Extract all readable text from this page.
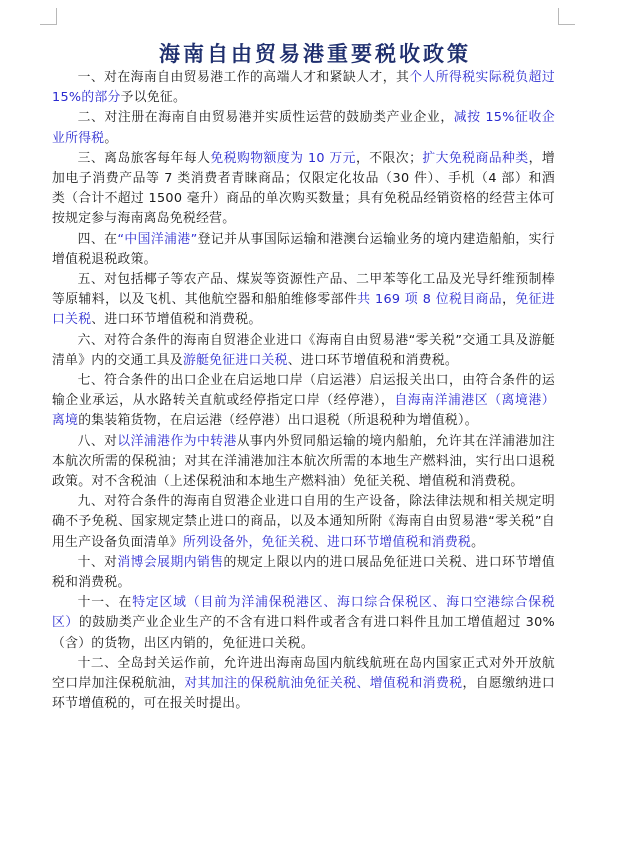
海南自由贸易港重要税收政策

一、对在海南自由贸易港工作的高端人才和紧缺人才，其个人所得税实际税负超过 15%的部分予以免征。

二、对注册在海南自由贸易港并实质性运营的鼓励类产业企业，减按 15%征收企业所得税。

三、离岛旅客每年每人免税购物额度为 10 万元，不限次；扩大免税商品种类，增加电子消费产品等 7 类消费者青睐商品；仅限定化妆品（30 件）、手机（4 部）和酒类（合计不超过 1500 毫升）商品的单次购买数量；具有免税品经销资格的经营主体可按规定参与海南离岛免税经营。

四、在“中国洋浦港”登记并从事国际运输和港澳台运输业务的境内建造船舶，实行增值税退税政策。

五、对包括椰子等农产品、煤炭等资源性产品、二甲苯等化工品及光导纤维预制棒等原辅料，以及飞机、其他航空器和船舶维修零部件共 169 项 8 位税目商品，免征进口关税、进口环节增值税和消费税。

六、对符合条件的海南自贸港企业进口《海南自由贸易港“零关税”交通工具及游艇清单》内的交通工具及游艇免征进口关税、进口环节增值税和消费税。

七、符合条件的出口企业在启运地口岸（启运港）启运报关出口，由符合条件的运输企业承运，从水路转关直航或经停指定口岸（经停港），自海南洋浦港区（离境港）离境的集装箱货物，在启运港（经停港）出口退税（所退税种为增值税）。

八、对以洋浦港作为中转港从事内外贸同船运输的境内船舶，允许其在洋浦港加注本航次所需的保税油；对其在洋浦港加注本航次所需的本地生产燃料油，实行出口退税政策。对不含税油（上述保税油和本地生产燃料油）免征关税、增值税和消费税。

九、对符合条件的海南自贸港企业进口自用的生产设备，除法律法规和相关规定明确不予免税、国家规定禁止进口的商品，以及本通知所附《海南自由贸易港“零关税”自用生产设备负面清单》所列设备外，免征关税、进口环节增值税和消费税。

十、对消博会展期内销售的规定上限以内的进口展品免征进口关税、进口环节增值税和消费税。

十一、在特定区域（目前为洋浦保税港区、海口综合保税区、海口空港综合保税区）的鼓励类产业企业生产的不含有进口料件或者含有进口料件且加工增值超过 30%（含）的货物，出区内销的，免征进口关税。

十二、全岛封关运作前，允许进出海南岛国内航线航班在岛内国家正式对外开放航空口岸加注保税航油，对其加注的保税航油免征关税、增值税和消费税，自愿缴纳进口环节增值税的，可在报关时提出。
